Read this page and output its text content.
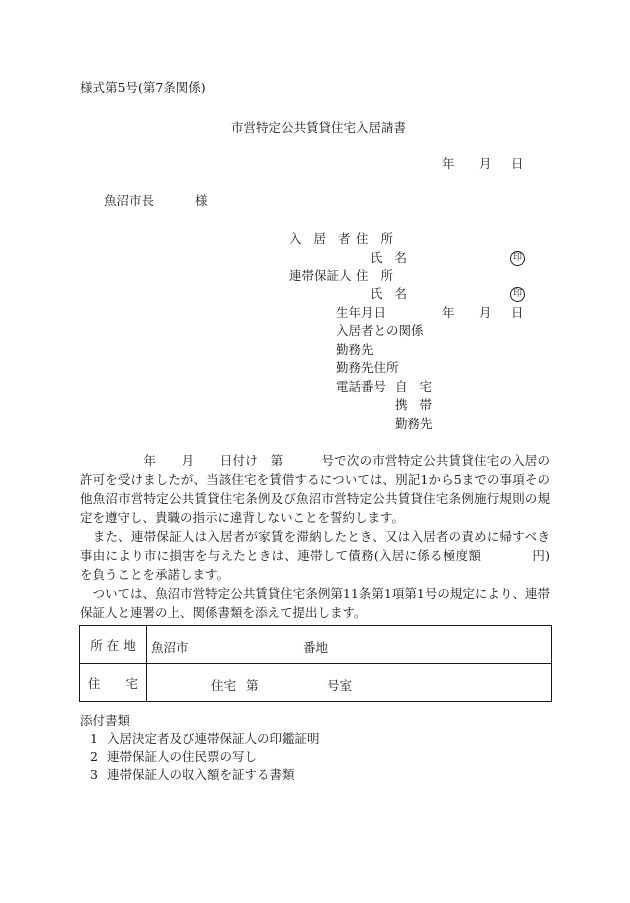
様式第5号(第7条関係)
市営特定公共賃貸住宅入居請書
年 月 日
魚沼市長	様
入 居 者 住 所
氏 名	印
連帯保証人 住 所
氏 名	印
生年月日	年 月 日
入居者との関係
勤務先
勤務先住所
電話番号 自 宅
携 帯
勤務先
　　　　　年　　月　　日付け　第　　　号で次の市営特定公共賃貸住宅の入居の許可を受けましたが、当該住宅を賃借するについては、別記1から5までの事項その他魚沼市営特定公共賃貸住宅条例及び魚沼市営特定公共賃貸住宅条例施行規則の規定を遵守し、貴職の指示に違背しないことを誓約します。
　また、連帯保証人は入居者が家賃を滞納したとき、又は入居者の責めに帰すべき事由により市に損害を与えたときは、連帯して債務(入居に係る極度額　　　　円)を負うことを承諾します。
　ついては、魚沼市営特定公共賃貸住宅条例第11条第1項第1号の規定により、連帯保証人と連署の上、関係書類を添えて提出します。
所 在 地	魚沼市 番地

住　　宅	住宅 第 号室
添付書類
1 入居決定者及び連帯保証人の印鑑証明
2 連帯保証人の住民票の写し
3 連帯保証人の収入額を証する書類
